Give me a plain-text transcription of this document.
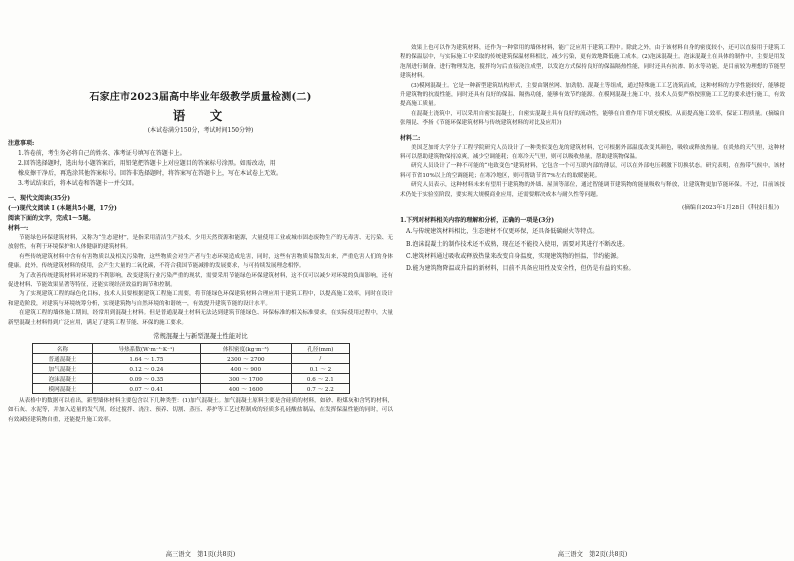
石家庄市2023届高中毕业年级教学质量检测(二)
语　文
(本试卷满分150分，考试时间150分钟)
注意事项:
1.答卷前，考生务必将自己的姓名、准考证号填写在答题卡上。
2.回答选择题时，选出每小题答案后，用铅笔把答题卡上对应题目的答案标号涂黑。如需改动，用
橡皮擦干净后，再选涂其他答案标号。回答非选择题时，将答案写在答题卡上，写在本试卷上无效。
3.考试结束后，将本试卷和答题卡一并交回。
一、现代文阅读(35分)
(一)现代文阅读 I (本题共5小题，17分)
阅读下面的文字，完成1～5题。
材料一:

节能绿色环保建筑材料，又称为“生态建材”，是指采用清洁生产技术，少用天然资源和能源，大量使用工业或城市固态废物生产的无毒害、无污染、无放射性，有利于环境保护和人体健康的建筑材料。

有些传统建筑材料中含有有害物质以及相关污染物，这些物质会对生产者与生态环境造成危害，同时，这些有害物质易散发出来，严重危害人们的身体健康。此外，传统建筑材料的使用，会产生大量的二氧化碳，不符合我国节能减排的发展要求，与可持续发展理念相悖。

为了改善传统建筑材料对环境的不利影响，改变建筑行业污染严重的现状，需要采用节能绿色环保建筑材料，这不仅可以减少对环境的负面影响，还有促进材料、节能效果显著等特征，还能实现经济效益的调节和控制。

为了实现建筑工程的绿色化目标，技术人员要根据建筑工程施工需要，将节能绿色环保建筑材料合理应用于建筑工程中，以提高施工效率，同时在设计和建造阶段，对建筑与环境统筹分析，实现建筑物与自然环境的和谐统一，有效提升建筑节能的设计水平。

在建筑工程的墙体施工期间，经常用到混凝土材料。但是普通混凝土材料无法达到建筑节能绿色、环保标准的相关标准要求，在实际使用过程中，大量新型混凝土材料得到广泛应用，满足了建筑工程节能、环保的施工要求。

常规混凝土与新型混凝土性能对比
名称	导热系数(W·m⁻¹·K⁻¹)	体积密度(kg·m⁻³)	孔径(mm)
普通混凝土	1.64 ～ 1.75	2300 ～ 2700	/
加气混凝土	0.12 ～ 0.24	400 ～ 900	0.1 ～ 2
泡沫混凝土	0.09 ～ 0.35	300 ～ 1700	0.6 ～ 2.1
模网混凝土	0.07 ～ 0.41	400 ～ 1600	0.7 ～ 2.2

从表格中的数据可以看出，新型墙体材料主要包含以下几种类型：(1)加气混凝土。加气混凝土原料主要是含硅质的材料，如砂、粉煤灰和含钙的材料，如石灰、水泥等，并加入适量的发气剂，经过搅拌、浇注、预养、切割、蒸压、养护等工艺过程制成的轻质多孔硅酸盐制品，在发挥保温性能的同时，可以有效减轻建筑物自重，还能提升施工效率。

高三语文　第1页(共8页)

效果上也可以作为建筑材料，还作为一种常用的墙体材料，能广泛应用于建筑工程中。除此之外，由于该材料自身的密度较小，还可以直接用于建筑工程的保温层中，与实际施工中采取的传统建筑保温材料相比，减少污染，更有效地降低施工成本。(2)泡沫混凝土。泡沫混凝土在具体的制作中，主要是用发泡剂进行制备，进行物理发泡，搅拌均匀后直接浇注成型，以发泡方式保持良好的保温隔热性能，同时还具有抗渗、防水等功能，是目前较为理想的节能型建筑材料。

(3)模网混凝土。它是一种新型建筑结构形式，主要由钢丝网、加劲肋、混凝土等组成，通过特殊施工工艺浇筑而成，这种材料的力学性能较好，能够提升建筑物的抗震性能，同时还具有良好的保温、隔热功能，能够有效节约能源。在模网混凝土施工中，技术人员要严格按照施工工艺的要求进行施工，有效提高施工质量。

在混凝土浇筑中，可以采用自密实混凝土，自密实混凝土具有良好的流动性，能够在自重作用下填充模板，从而提高施工效率，保证工程质量。(摘编自张翔昆、李扬《节能环保建筑材料与传统建筑材料的对比及应用》)

材料二:

美国芝加哥大学分子工程学院研究人员设计了一种类似变色龙的建筑材料，它可根据外部温度改变其颜色，吸收或释放热量。在炎热的天气里，这种材料可以帮助建筑物保持凉爽，减少空调能耗；在寒冷天气里，则可以吸收热量，帮助建筑物保温。

研究人员设计了一种不可能的“电致变色”建筑材料，它包含一个可互联内部的薄层，可以在外部电压刺激下切换状态。研究表明，在热带气候中，该材料可节省10%以上的空调能耗；在寒冷地区，则可帮助节省7%左右的取暖能耗。

研究人员表示，这种材料未来有望用于建筑物的外墙、屋顶等部位，通过智能调节建筑物的能量吸收与释放，让建筑物更加节能环保。不过，目前该技术仍处于实验室阶段，要实现大规模商业应用，还需要解决成本与耐久性等问题。

(摘编自2023年1月28日《科技日报》)
1.下列对材料相关内容的理解和分析，正确的一项是(3分)
A.与传统建筑材料相比，生态建材不仅更环保，还具备低碳耐火等特点。
B.泡沫混凝土的制作技术还不成熟，现在还不能投入使用，需要对其进行不断改进。
C.建筑材料通过吸收或释放热量来改变自身温度，实现建筑物的恒温，节约能源。
D.能为建筑物降温或升温的新材料，目前不具备应用性及安全性，但仍是有益的实验。
高三语文　第2页(共8页)
